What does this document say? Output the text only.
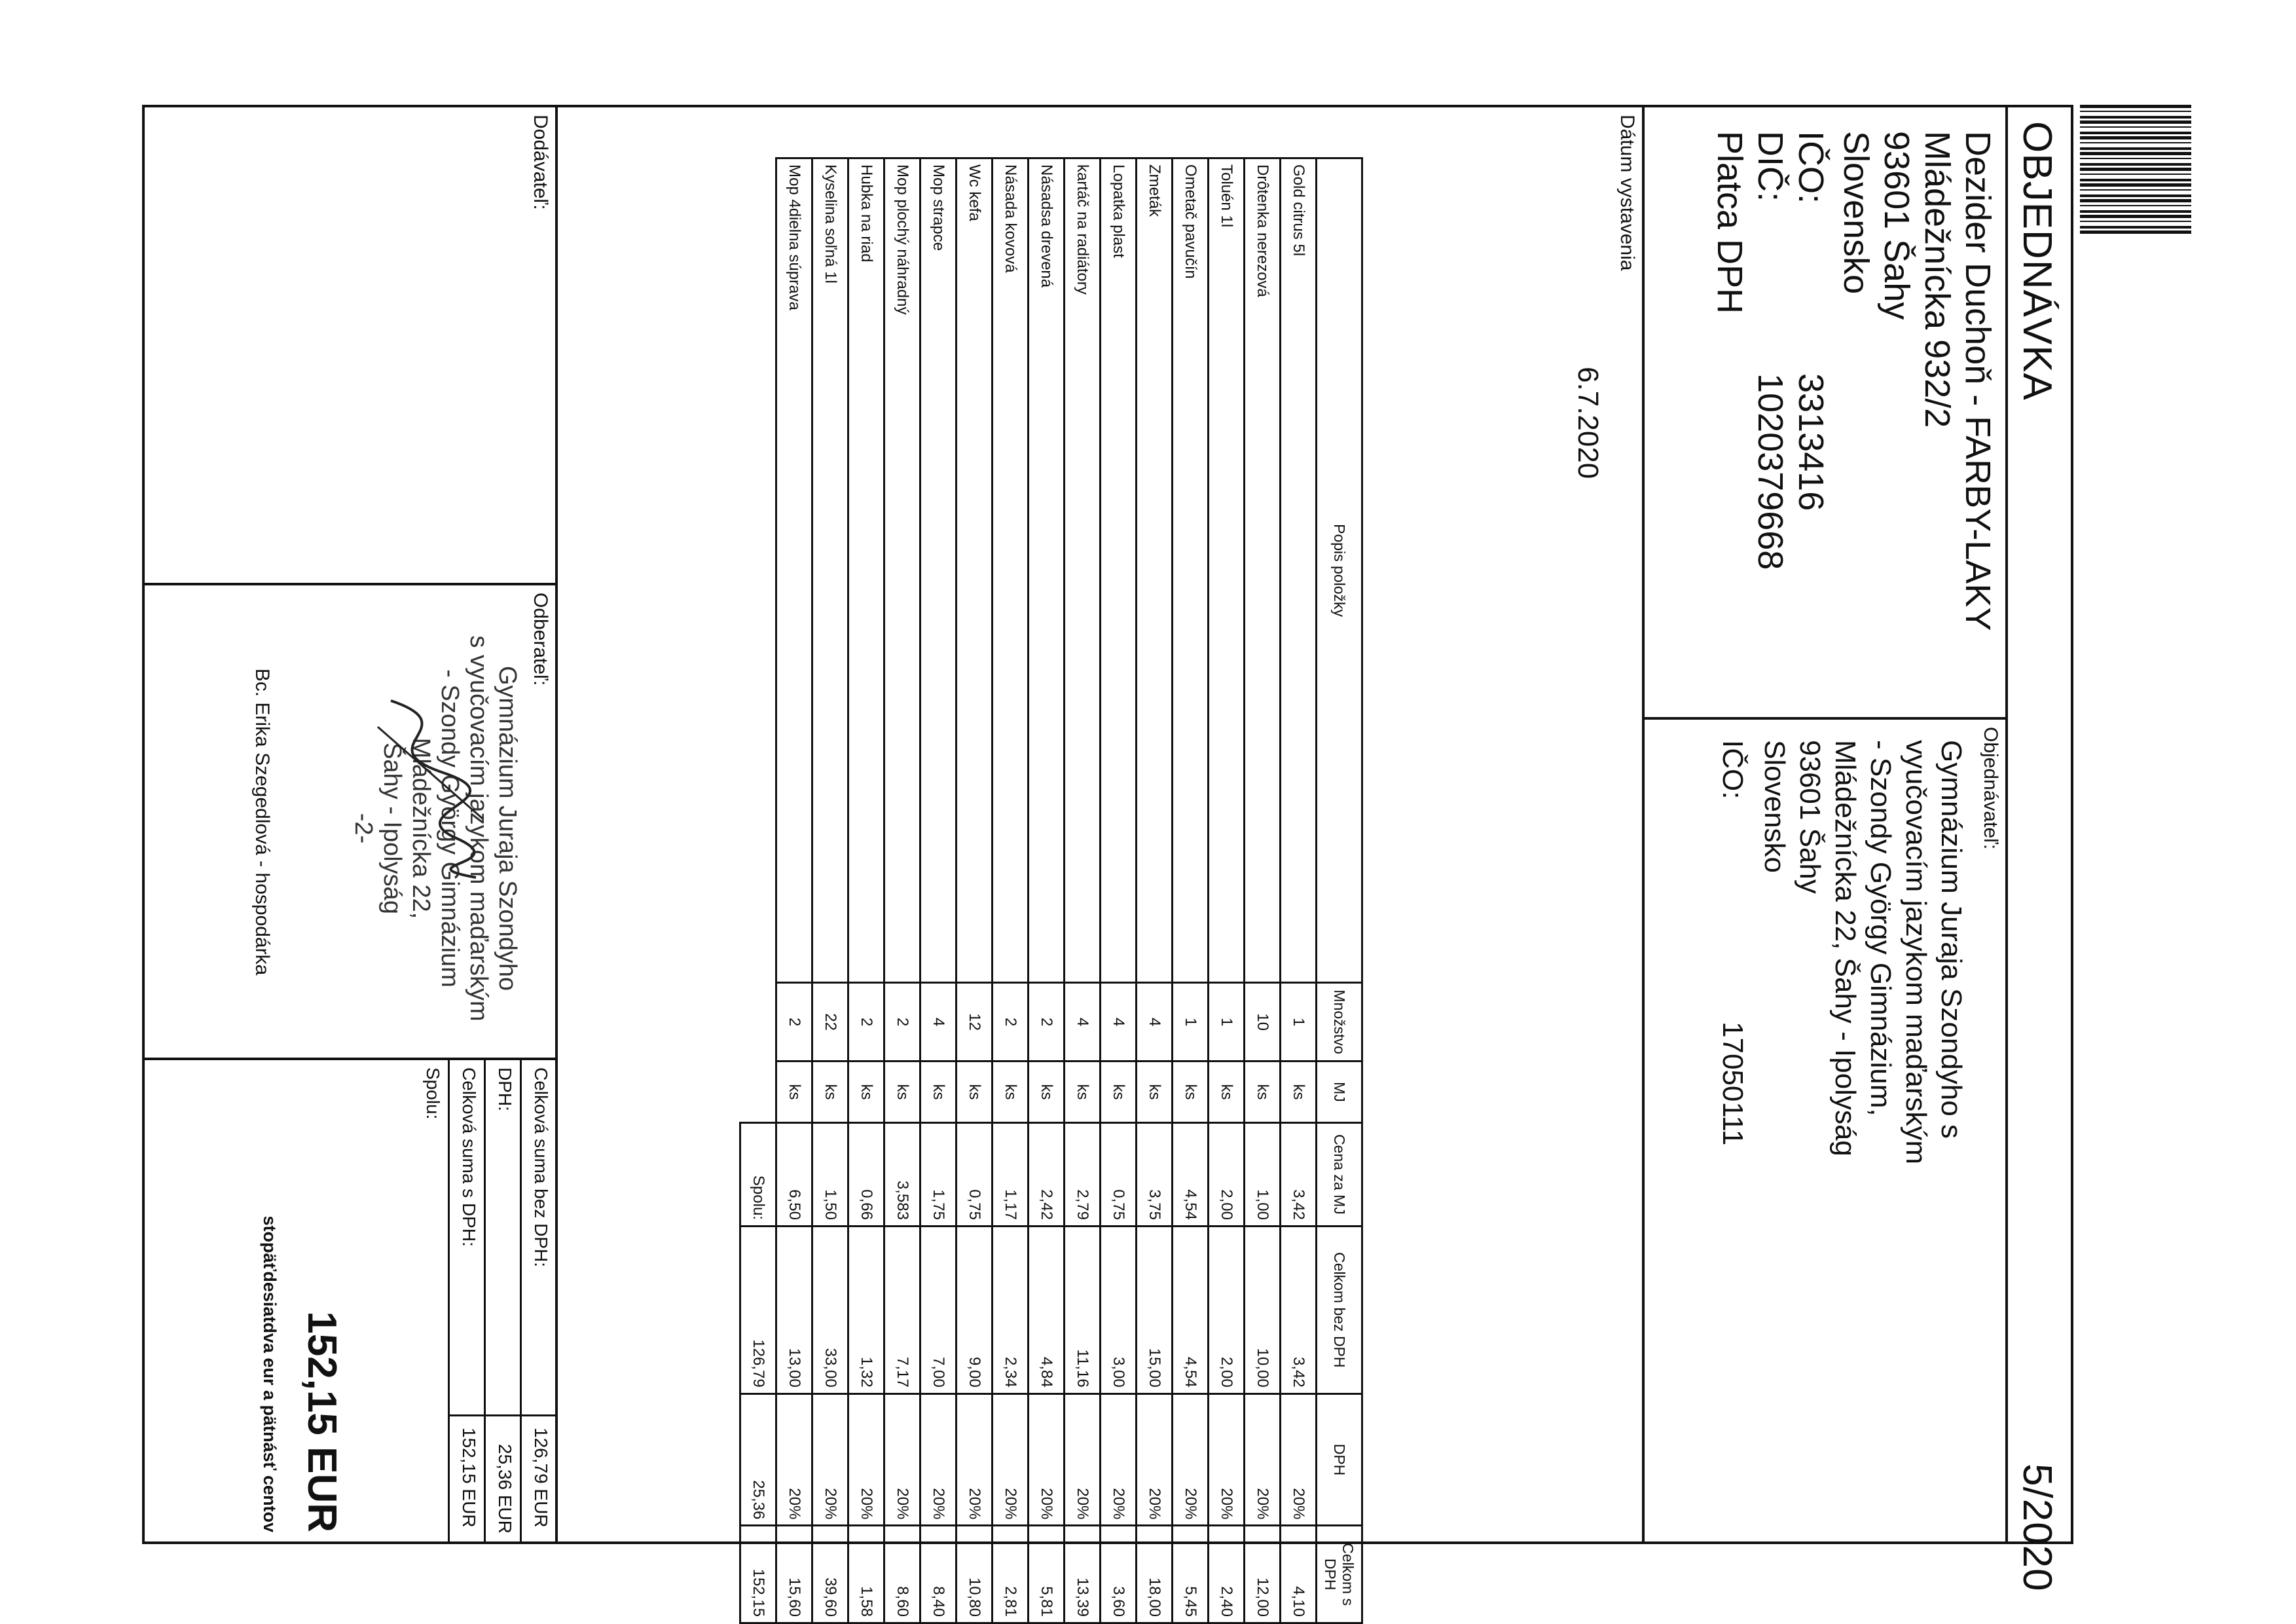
OBJEDNÁVKA
5/2020
Dezider Duchoň - FARBY-LAKY
Mládežnícka 932/2
93601 Šahy
Slovensko
IČO:
3313416
DIČ:
1020379668
Platca DPH
Objednávateľ:
Gymnázium Juraja Szondyho s
vyučovacím jazykom maďarským
- Szondy György Gimnázium,
Mládežnícka 22, Šahy - Ipolyság
93601 Šahy
Slovensko
IČO:
17050111
Dátum vystavenia
6.7.2020
Popis položky	Množstvo	MJ	Cena za MJ	Celkom bez DPH	DPH	Celkom s DPH
Gold citrus 5l	1	ks	3,42	3,42	20%	4,10
Drôtenka nerezová	10	ks	1,00	10,00	20%	12,00
Toluén 1l	1	ks	2,00	2,00	20%	2,40
Ometač pavučín	1	ks	4,54	4,54	20%	5,45
Zmeták	4	ks	3,75	15,00	20%	18,00
Lopatka plast	4	ks	0,75	3,00	20%	3,60
kartáč na radiátory	4	ks	2,79	11,16	20%	13,39
Násadsa drevená	2	ks	2,42	4,84	20%	5,81
Násada kovová	2	ks	1,17	2,34	20%	2,81
Wc kefa	12	ks	0,75	9,00	20%	10,80
Mop strapce	4	ks	1,75	7,00	20%	8,40
Mop plochý náhradný	2	ks	3,583	7,17	20%	8,60
Hubka na riad	2	ks	0,66	1,32	20%	1,58
Kyselina soľná 1l	22	ks	1,50	33,00	20%	39,60
Mop 4dielna súprava	2	ks	6,50	13,00	20%	15,60
			Spolu:	126,79	25,36	152,15
Dodávateľ:
Odberateľ:
Gymnázium Juraja Szondyho
s vyučovacím jazykom maďarským
- Szondy György Gimnázium
Mládežnícka 22,
Šahy - Ipolyság
-2-
Bc. Erika Szegedlová - hospodárka
Celková suma bez DPH:
126,79 EUR
DPH:
25,36 EUR
Celková suma s DPH:
152,15 EUR
Spolu:
152,15 EUR
stopäťdesiatdva eur a pätnásť centov
